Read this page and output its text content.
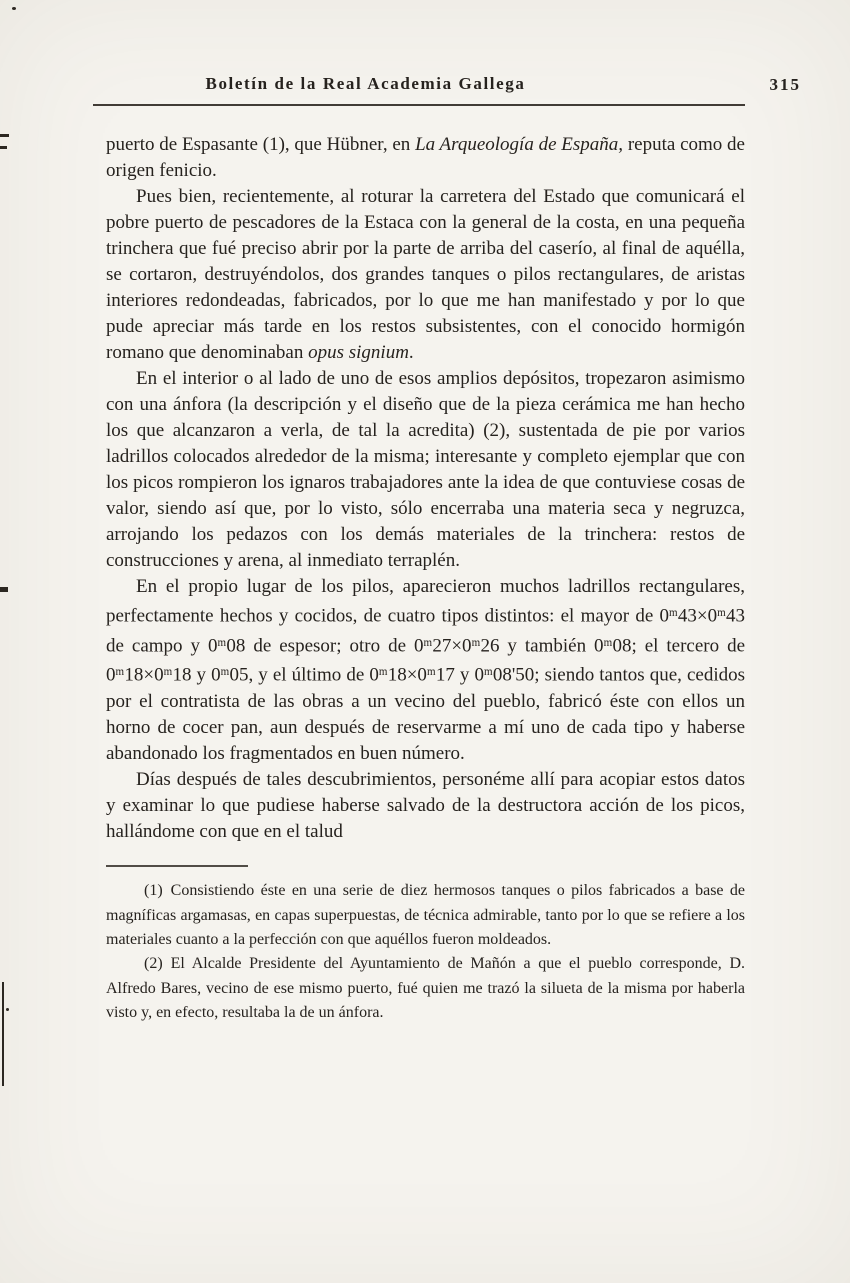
Boletín de la Real Academia Gallega	315

puerto de Espasante (1), que Hübner, en La Arqueología de España, reputa como de origen fenicio.

Pues bien, recientemente, al roturar la carretera del Estado que comunicará el pobre puerto de pescadores de la Estaca con la general de la costa, en una pequeña trinchera que fué preciso abrir por la parte de arriba del caserío, al final de aquélla, se cortaron, destruyéndolos, dos grandes tanques o pilos rectangulares, de aristas interiores redondeadas, fabricados, por lo que me han manifestado y por lo que pude apreciar más tarde en los restos subsistentes, con el conocido hormigón romano que denominaban opus signium.

En el interior o al lado de uno de esos amplios depósitos, tropezaron asimismo con una ánfora (la descripción y el diseño que de la pieza cerámica me han hecho los que alcanzaron a verla, de tal la acredita) (2), sustentada de pie por varios ladrillos colocados alrededor de la misma; interesante y completo ejemplar que con los picos rompieron los ignaros trabajadores ante la idea de que contuviese cosas de valor, siendo así que, por lo visto, sólo encerraba una materia seca y negruzca, arrojando los pedazos con los demás materiales de la trinchera: restos de construcciones y arena, al inmediato terraplén.

En el propio lugar de los pilos, aparecieron muchos ladrillos rectangulares, perfectamente hechos y cocidos, de cuatro tipos distintos: el mayor de $0^m43\times 0^m43$ de campo y 0$^m$08 de espesor; otro de $0^m27\times 0^m26$ y también 0$^m$08; el tercero de $0^m18\times 0^m18$ y 0$^m$05, y el último de $0^m18\times 0^m17$ y 0$^m$08'50; siendo tantos que, cedidos por el contratista de las obras a un vecino del pueblo, fabricó éste con ellos un horno de cocer pan, aun después de reservarme a mí uno de cada tipo y haberse abandonado los fragmentados en buen número.

Días después de tales descubrimientos, personéme allí para acopiar estos datos y examinar lo que pudiese haberse salvado de la destructora acción de los picos, hallándome con que en el talud

(1) Consistiendo éste en una serie de diez hermosos tanques o pilos fabricados a base de magníficas argamasas, en capas superpuestas, de técnica admirable, tanto por lo que se refiere a los materiales cuanto a la perfección con que aquéllos fueron moldeados.

(2) El Alcalde Presidente del Ayuntamiento de Mañón a que el pueblo corresponde, D. Alfredo Bares, vecino de ese mismo puerto, fué quien me trazó la silueta de la misma por haberla visto y, en efecto, resultaba la de un ánfora.
